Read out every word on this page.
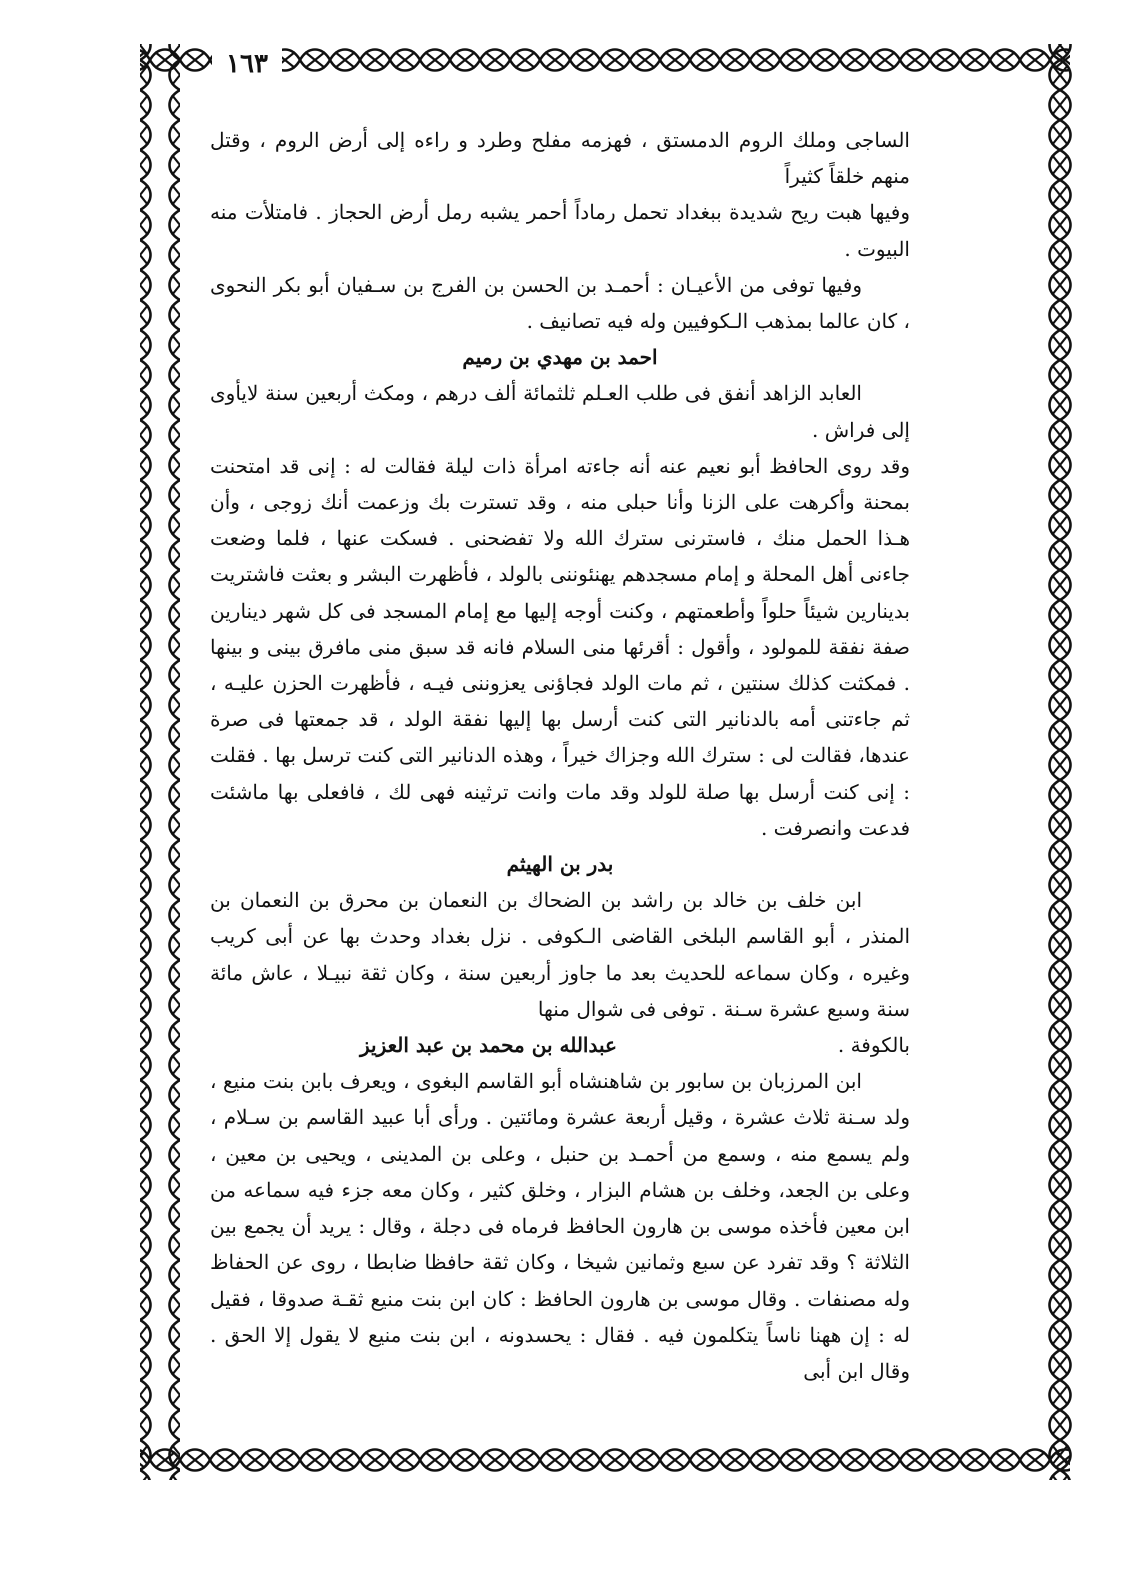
١٦٣

الساجى وملك الروم الدمستق ، فهزمه مفلح وطرد و راءه إلى أرض الروم ، وقتل منهم خلقاً كثيراً

وفيها هبت ريح شديدة ببغداد تحمل رماداً أحمر يشبه رمل أرض الحجاز . فامتلأت منه البيوت .

وفيها توفى من الأعيـان : أحمـد بن الحسن بن الفرج بن سـفيان أبو بكر النحوى ، كان عالما بمذهب الـكوفيين وله فيه تصانيف .

احمد بن مهدي بن رميم

العابد الزاهد أنفق فى طلب العـلم ثلثمائة ألف درهم ، ومكث أربعين سنة لايأوى إلى فراش .

وقد روى الحافظ أبو نعيم عنه أنه جاءته امرأة ذات ليلة فقالت له : إنى قد امتحنت بمحنة وأكرهت على الزنا وأنا حبلى منه ، وقد تسترت بك وزعمت أنك زوجى ، وأن هـذا الحمل منك ، فاسترنى سترك الله ولا تفضحنى . فسكت عنها ، فلما وضعت جاءنى أهل المحلة و إمام مسجدهم يهنئوننى بالولد ، فأظهرت البشر و بعثت فاشتريت بدينارين شيئاً حلواً وأطعمتهم ، وكنت أوجه إليها مع إمام المسجد فى كل شهر دينارين صفة نفقة للمولود ، وأقول : أقرئها منى السلام فانه قد سبق منى مافرق بينى و بينها . فمكثت كذلك سنتين ، ثم مات الولد فجاؤنى يعزوننى فيـه ، فأظهرت الحزن عليـه ، ثم جاءتنى أمه بالدنانير التى كنت أرسل بها إليها نفقة الولد ، قد جمعتها فى صرة عندها، فقالت لى : سترك الله وجزاك خيراً ، وهذه الدنانير التى كنت ترسل بها . فقلت : إنى كنت أرسل بها صلة للولد وقد مات وانت ترثينه فهى لك ، فافعلى بها ماشئت فدعت وانصرفت .

بدر بن الهيثم

ابن خلف بن خالد بن راشد بن الضحاك بن النعمان بن محرق بن النعمان بن المنذر ، أبو القاسم البلخى القاضى الـكوفى . نزل بغداد وحدث بها عن أبى كريب وغيره ، وكان سماعه للحديث بعد ما جاوز أربعين سنة ، وكان ثقة نبيـلا ، عاش مائة سنة وسبع عشرة سـنة . توفى فى شوال منها

بالكوفة .
عبدالله بن محمد بن عبد العزيز

ابن المرزبان بن سابور بن شاهنشاه أبو القاسم البغوى ، ويعرف بابن بنت منيع ، ولد سـنة ثلاث عشرة ، وقيل أربعة عشرة ومائتين . ورأى أبا عبيد القاسم بن سـلام ، ولم يسمع منه ، وسمع من أحمـد بن حنبل ، وعلى بن المدينى ، ويحيى بن معين ، وعلى بن الجعد، وخلف بن هشام البزار ، وخلق كثير ، وكان معه جزء فيه سماعه من ابن معين فأخذه موسى بن هارون الحافظ فرماه فى دجلة ، وقال : يريد أن يجمع بين الثلاثة ؟ وقد تفرد عن سبع وثمانين شيخا ، وكان ثقة حافظا ضابطا ، روى عن الحفاظ وله مصنفات . وقال موسى بن هارون الحافظ : كان ابن بنت منيع ثقـة صدوقا ، فقيل له : إن ههنا ناساً يتكلمون فيه . فقال : يحسدونه ، ابن بنت منيع لا يقول إلا الحق . وقال ابن أبى
